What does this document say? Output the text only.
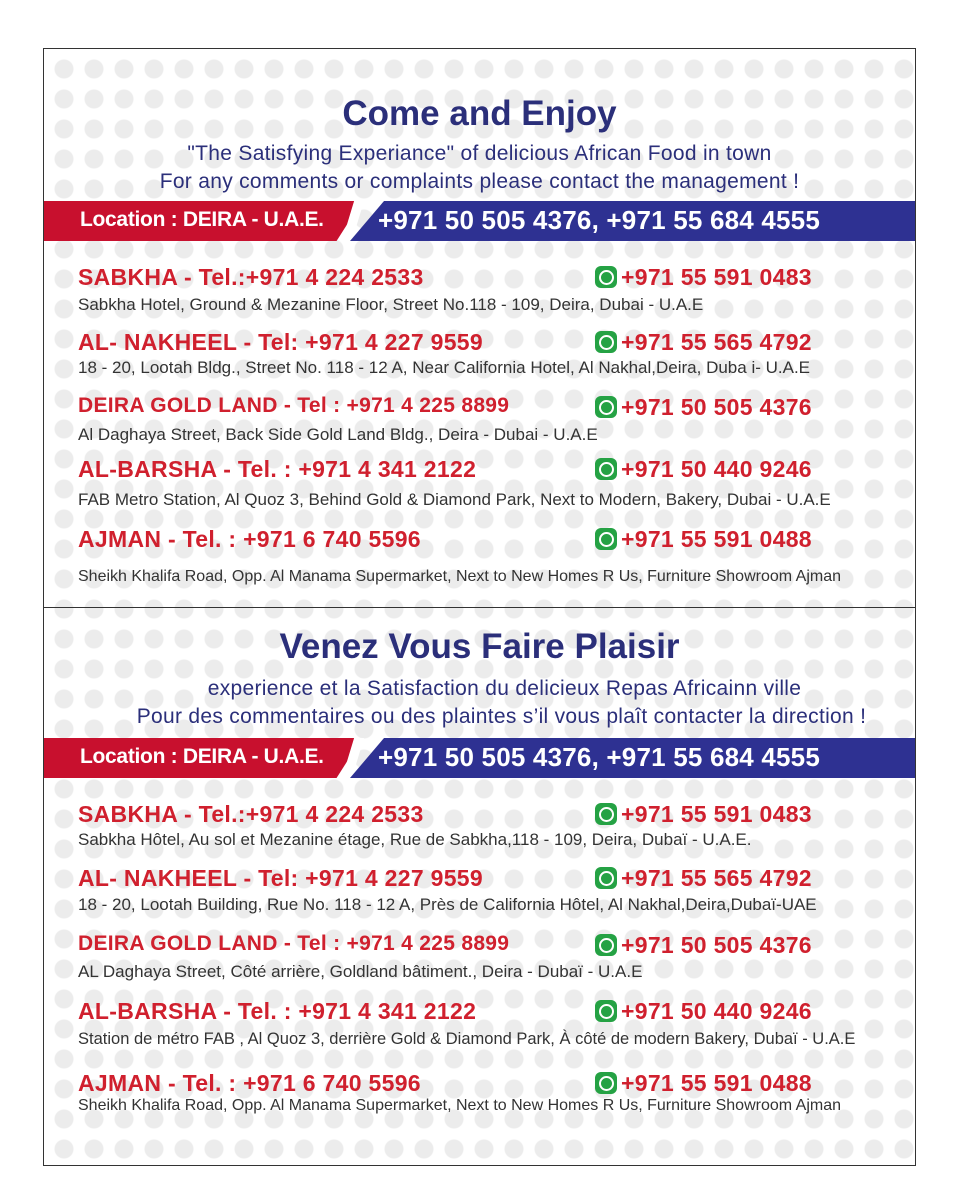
Come and Enjoy

"The Satisfying Experiance" of delicious African Food in town

For any comments or complaints please contact the management !

Location : DEIRA - U.A.E. +971 50 505 4376, +971 55 684 4555
SABKHA - Tel.:+971 4 224 2533	+971 55 591 0483
Sabkha Hotel, Ground & Mezanine Floor, Street No.118 - 109, Deira, Dubai - U.A.E
AL- NAKHEEL - Tel: +971 4 227 9559	+971 55 565 4792
18 - 20, Lootah Bldg., Street No. 118 - 12 A, Near California Hotel, Al Nakhal,Deira, Duba i- U.A.E
DEIRA GOLD LAND - Tel : +971 4 225 8899	+971 50 505 4376
Al Daghaya Street, Back Side Gold Land Bldg., Deira - Dubai - U.A.E
AL-BARSHA - Tel. : +971 4 341 2122	+971 50 440 9246
FAB Metro Station, Al Quoz 3, Behind Gold & Diamond Park, Next to Modern, Bakery, Dubai - U.A.E
AJMAN - Tel. : +971 6 740 5596	+971 55 591 0488
Sheikh Khalifa Road, Opp. Al Manama Supermarket, Next to New Homes R Us, Furniture Showroom Ajman
Venez Vous Faire Plaisir

experience et la Satisfaction du delicieux Repas Africainn ville

Pour des commentaires ou des plaintes s’il vous plaît contacter la direction !

Location : DEIRA - U.A.E. +971 50 505 4376, +971 55 684 4555
SABKHA - Tel.:+971 4 224 2533	+971 55 591 0483
Sabkha Hôtel, Au sol et Mezanine étage, Rue de Sabkha,118 - 109, Deira, Dubaï - U.A.E.
AL- NAKHEEL - Tel: +971 4 227 9559	+971 55 565 4792
18 - 20, Lootah Building, Rue No. 118 - 12 A, Près de California Hôtel, Al Nakhal,Deira,Dubaï-UAE
DEIRA GOLD LAND - Tel : +971 4 225 8899	+971 50 505 4376
AL Daghaya Street, Côté arrière, Goldland bâtiment., Deira - Dubaï - U.A.E
AL-BARSHA - Tel. : +971 4 341 2122	+971 50 440 9246
Station de métro FAB , Al Quoz 3, derrière Gold & Diamond Park, À côté de modern Bakery, Dubaï - U.A.E
AJMAN - Tel. : +971 6 740 5596	+971 55 591 0488
Sheikh Khalifa Road, Opp. Al Manama Supermarket, Next to New Homes R Us, Furniture Showroom Ajman
